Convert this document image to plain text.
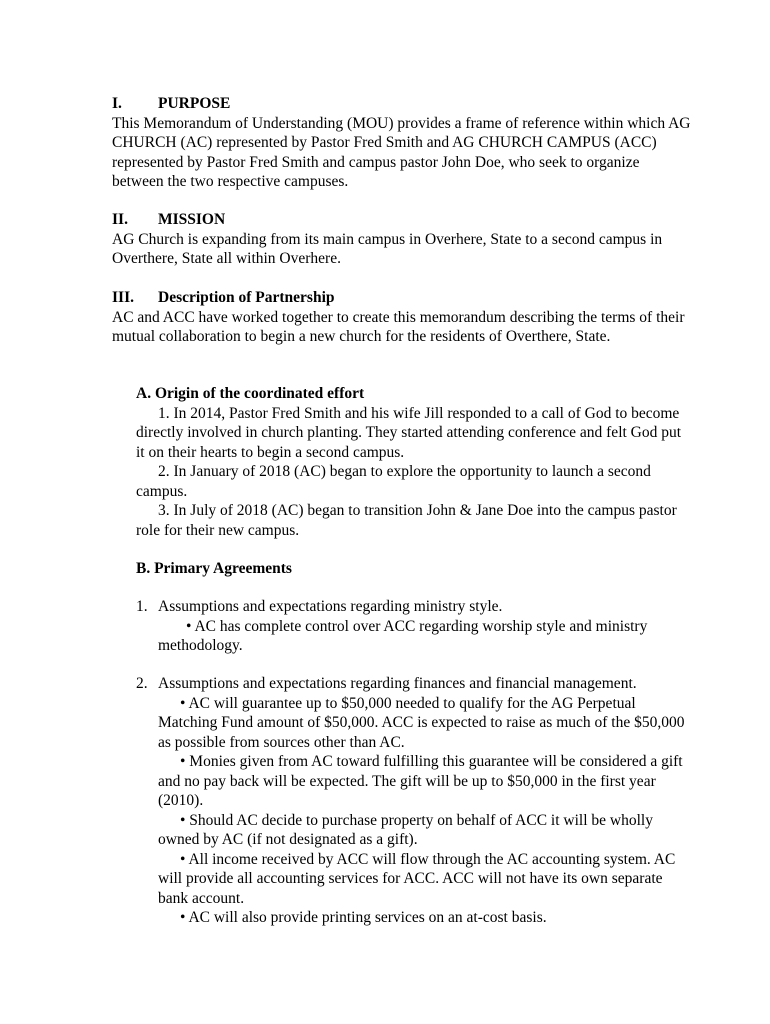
I.	PURPOSE

This Memorandum of Understanding (MOU) provides a frame of reference within which AG CHURCH (AC) represented by Pastor Fred Smith and AG CHURCH CAMPUS (ACC) represented by Pastor Fred Smith and campus pastor John Doe, who seek to organize between the two respective campuses.

II.	MISSION

AG Church is expanding from its main campus in Overhere, State to a second campus in Overthere, State all within Overhere.

III.	Description of Partnership

AC and ACC have worked together to create this memorandum describing the terms of their mutual collaboration to begin a new church for the residents of Overthere, State.

A. Origin of the coordinated effort

1. In 2014, Pastor Fred Smith and his wife Jill responded to a call of God to become directly involved in church planting. They started attending conference and felt God put it on their hearts to begin a second campus.

2. In January of 2018 (AC) began to explore the opportunity to launch a second campus.

3. In July of 2018 (AC) began to transition John & Jane Doe into the campus pastor role for their new campus.

B. Primary Agreements
1. Assumptions and expectations regarding ministry style.

• AC has complete control over ACC regarding worship style and ministry methodology.

2. Assumptions and expectations regarding finances and financial management.

• AC will guarantee up to $50,000 needed to qualify for the AG Perpetual Matching Fund amount of $50,000. ACC is expected to raise as much of the $50,000 as possible from sources other than AC.

• Monies given from AC toward fulfilling this guarantee will be considered a gift and no pay back will be expected. The gift will be up to $50,000 in the first year (2010).

• Should AC decide to purchase property on behalf of ACC it will be wholly owned by AC (if not designated as a gift).

• All income received by ACC will flow through the AC accounting system. AC will provide all accounting services for ACC. ACC will not have its own separate bank account.

• AC will also provide printing services on an at-cost basis.
